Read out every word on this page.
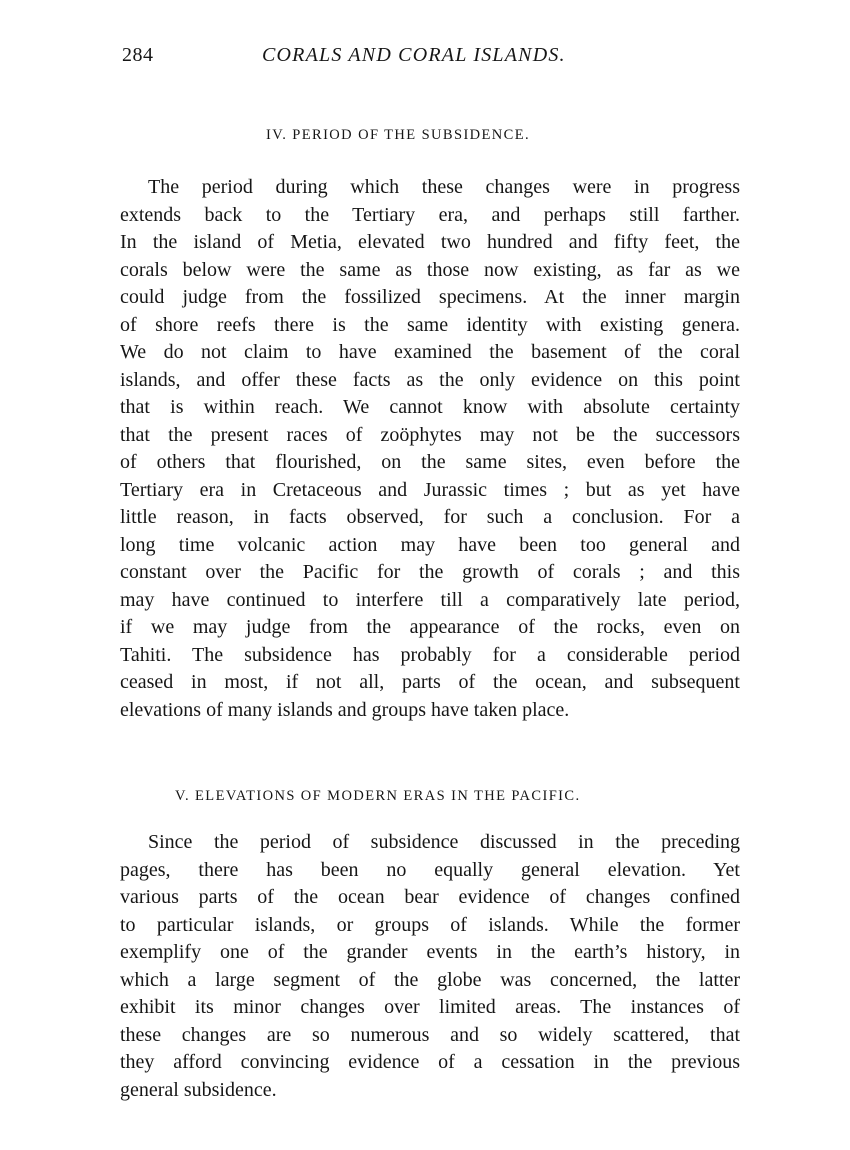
284	CORALS AND CORAL ISLANDS.
IV. PERIOD OF THE SUBSIDENCE.
The period during which these changes were in progress
extends back to the Tertiary era, and perhaps still farther.
In the island of Metia, elevated two hundred and fifty feet, the
corals below were the same as those now existing, as far as we
could judge from the fossilized specimens. At the inner margin
of shore reefs there is the same identity with existing genera.
We do not claim to have examined the basement of the coral
islands, and offer these facts as the only evidence on this point
that is within reach. We cannot know with absolute certainty
that the present races of zoöphytes may not be the successors
of others that flourished, on the same sites, even before the
Tertiary era in Cretaceous and Jurassic times ; but as yet have
little reason, in facts observed, for such a conclusion. For a
long time volcanic action may have been too general and
constant over the Pacific for the growth of corals ; and this
may have continued to interfere till a comparatively late period,
if we may judge from the appearance of the rocks, even on
Tahiti. The subsidence has probably for a considerable period
ceased in most, if not all, parts of the ocean, and subsequent
elevations of many islands and groups have taken place.
V. ELEVATIONS OF MODERN ERAS IN THE PACIFIC.
Since the period of subsidence discussed in the preceding
pages, there has been no equally general elevation. Yet
various parts of the ocean bear evidence of changes confined
to particular islands, or groups of islands. While the former
exemplify one of the grander events in the earth’s history, in
which a large segment of the globe was concerned, the latter
exhibit its minor changes over limited areas. The instances of
these changes are so numerous and so widely scattered, that
they afford convincing evidence of a cessation in the previous
general subsidence.
